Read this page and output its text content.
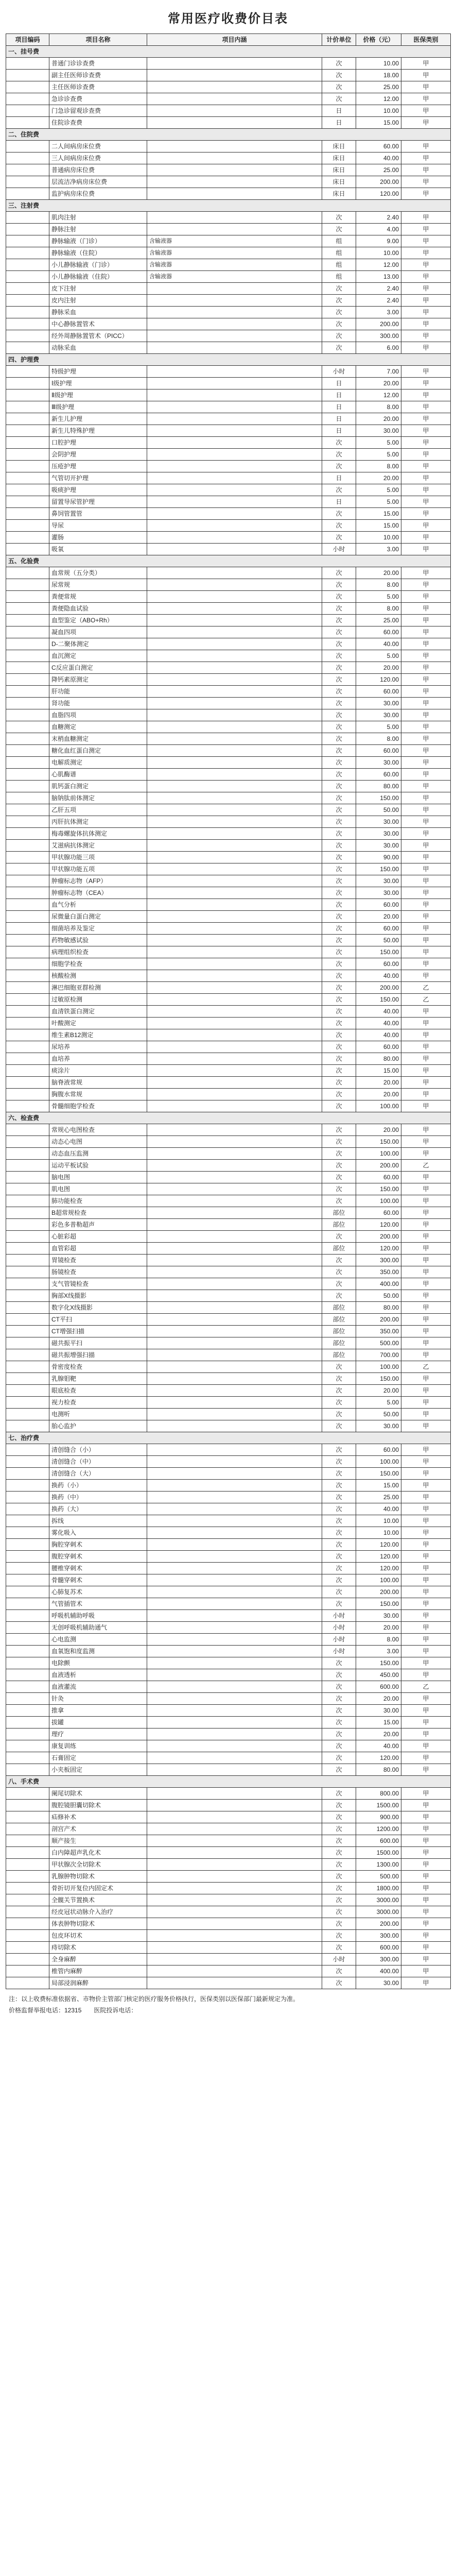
常用医疗收费价目表
项目编码	项目名称	项目内涵	计价单位	价格（元）	医保类别
一、挂号费					
	普通门诊诊查费		次	10.00	甲
	副主任医师诊查费		次	18.00	甲
	主任医师诊查费		次	25.00	甲
	急诊诊查费		次	12.00	甲
	门急诊留观诊查费		日	10.00	甲
	住院诊查费		日	15.00	甲
二、住院费					
	二人间病房床位费		床日	60.00	甲
	三人间病房床位费		床日	40.00	甲
	普通病房床位费		床日	25.00	甲
	层流洁净病房床位费		床日	200.00	甲
	监护病房床位费		床日	120.00	甲
三、注射费					
	肌肉注射		次	2.40	甲
	静脉注射		次	4.00	甲
	静脉输液（门诊）	含输液器	组	9.00	甲
	静脉输液（住院）	含输液器	组	10.00	甲
	小儿静脉输液（门诊）	含输液器	组	12.00	甲
	小儿静脉输液（住院）	含输液器	组	13.00	甲
	皮下注射		次	2.40	甲
	皮内注射		次	2.40	甲
	静脉采血		次	3.00	甲
	中心静脉置管术		次	200.00	甲
	经外周静脉置管术（PICC）		次	300.00	甲
	动脉采血		次	6.00	甲
四、护理费					
	特级护理		小时	7.00	甲
	Ⅰ级护理		日	20.00	甲
	Ⅱ级护理		日	12.00	甲
	Ⅲ级护理		日	8.00	甲
	新生儿护理		日	20.00	甲
	新生儿特殊护理		日	30.00	甲
	口腔护理		次	5.00	甲
	会阴护理		次	5.00	甲
	压疮护理		次	8.00	甲
	气管切开护理		日	20.00	甲
	吸痰护理		次	5.00	甲
	留置导尿管护理		日	5.00	甲
	鼻饲管置管		次	15.00	甲
	导尿		次	15.00	甲
	灌肠		次	10.00	甲
	吸氧		小时	3.00	甲
五、化验费					
	血常规（五分类）		次	20.00	甲
	尿常规		次	8.00	甲
	粪便常规		次	5.00	甲
	粪便隐血试验		次	8.00	甲
	血型鉴定（ABO+Rh）		次	25.00	甲
	凝血四项		次	60.00	甲
	D-二聚体测定		次	40.00	甲
	血沉测定		次	5.00	甲
	C反应蛋白测定		次	20.00	甲
	降钙素原测定		次	120.00	甲
	肝功能		次	60.00	甲
	肾功能		次	30.00	甲
	血脂四项		次	30.00	甲
	血糖测定		次	5.00	甲
	末梢血糖测定		次	8.00	甲
	糖化血红蛋白测定		次	60.00	甲
	电解质测定		次	30.00	甲
	心肌酶谱		次	60.00	甲
	肌钙蛋白测定		次	80.00	甲
	脑钠肽前体测定		次	150.00	甲
	乙肝五项		次	50.00	甲
	丙肝抗体测定		次	30.00	甲
	梅毒螺旋体抗体测定		次	30.00	甲
	艾滋病抗体测定		次	30.00	甲
	甲状腺功能三项		次	90.00	甲
	甲状腺功能五项		次	150.00	甲
	肿瘤标志物（AFP）		次	30.00	甲
	肿瘤标志物（CEA）		次	30.00	甲
	血气分析		次	60.00	甲
	尿微量白蛋白测定		次	20.00	甲
	细菌培养及鉴定		次	60.00	甲
	药物敏感试验		次	50.00	甲
	病理组织检查		次	150.00	甲
	细胞学检查		次	60.00	甲
	核酸检测		次	40.00	甲
	淋巴细胞亚群检测		次	200.00	乙
	过敏原检测		次	150.00	乙
	血清铁蛋白测定		次	40.00	甲
	叶酸测定		次	40.00	甲
	维生素B12测定		次	40.00	甲
	尿培养		次	60.00	甲
	血培养		次	80.00	甲
	痰涂片		次	15.00	甲
	脑脊液常规		次	20.00	甲
	胸腹水常规		次	20.00	甲
	骨髓细胞学检查		次	100.00	甲
六、检查费					
	常规心电图检查		次	20.00	甲
	动态心电图		次	150.00	甲
	动态血压监测		次	100.00	甲
	运动平板试验		次	200.00	乙
	脑电图		次	60.00	甲
	肌电图		次	150.00	甲
	肺功能检查		次	100.00	甲
	B超常规检查		部位	60.00	甲
	彩色多普勒超声		部位	120.00	甲
	心脏彩超		次	200.00	甲
	血管彩超		部位	120.00	甲
	胃镜检查		次	300.00	甲
	肠镜检查		次	350.00	甲
	支气管镜检查		次	400.00	甲
	胸部X线摄影		次	50.00	甲
	数字化X线摄影		部位	80.00	甲
	CT平扫		部位	200.00	甲
	CT增强扫描		部位	350.00	甲
	磁共振平扫		部位	500.00	甲
	磁共振增强扫描		部位	700.00	甲
	骨密度检查		次	100.00	乙
	乳腺钼靶		次	150.00	甲
	眼底检查		次	20.00	甲
	视力检查		次	5.00	甲
	电测听		次	50.00	甲
	胎心监护		次	30.00	甲
七、治疗费					
	清创缝合（小）		次	60.00	甲
	清创缝合（中）		次	100.00	甲
	清创缝合（大）		次	150.00	甲
	换药（小）		次	15.00	甲
	换药（中）		次	25.00	甲
	换药（大）		次	40.00	甲
	拆线		次	10.00	甲
	雾化吸入		次	10.00	甲
	胸腔穿刺术		次	120.00	甲
	腹腔穿刺术		次	120.00	甲
	腰椎穿刺术		次	120.00	甲
	骨髓穿刺术		次	100.00	甲
	心肺复苏术		次	200.00	甲
	气管插管术		次	150.00	甲
	呼吸机辅助呼吸		小时	30.00	甲
	无创呼吸机辅助通气		小时	20.00	甲
	心电监测		小时	8.00	甲
	血氧饱和度监测		小时	3.00	甲
	电除颤		次	150.00	甲
	血液透析		次	450.00	甲
	血液灌流		次	600.00	乙
	针灸		次	20.00	甲
	推拿		次	30.00	甲
	拔罐		次	15.00	甲
	理疗		次	20.00	甲
	康复训练		次	40.00	甲
	石膏固定		次	120.00	甲
	小夹板固定		次	80.00	甲
八、手术费					
	阑尾切除术		次	800.00	甲
	腹腔镜胆囊切除术		次	1500.00	甲
	疝修补术		次	900.00	甲
	剖宫产术		次	1200.00	甲
	顺产接生		次	600.00	甲
	白内障超声乳化术		次	1500.00	甲
	甲状腺次全切除术		次	1300.00	甲
	乳腺肿物切除术		次	500.00	甲
	骨折切开复位内固定术		次	1800.00	甲
	全髋关节置换术		次	3000.00	甲
	经皮冠状动脉介入治疗		次	3000.00	甲
	体表肿物切除术		次	200.00	甲
	包皮环切术		次	300.00	甲
	痔切除术		次	600.00	甲
	全身麻醉		小时	300.00	甲
	椎管内麻醉		次	400.00	甲
	局部浸润麻醉		次	30.00	甲
注：以上收费标准依据省、市物价主管部门核定的医疗服务价格执行，医保类别以医保部门最新规定为准。
价格监督举报电话：12315　　医院投诉电话：
